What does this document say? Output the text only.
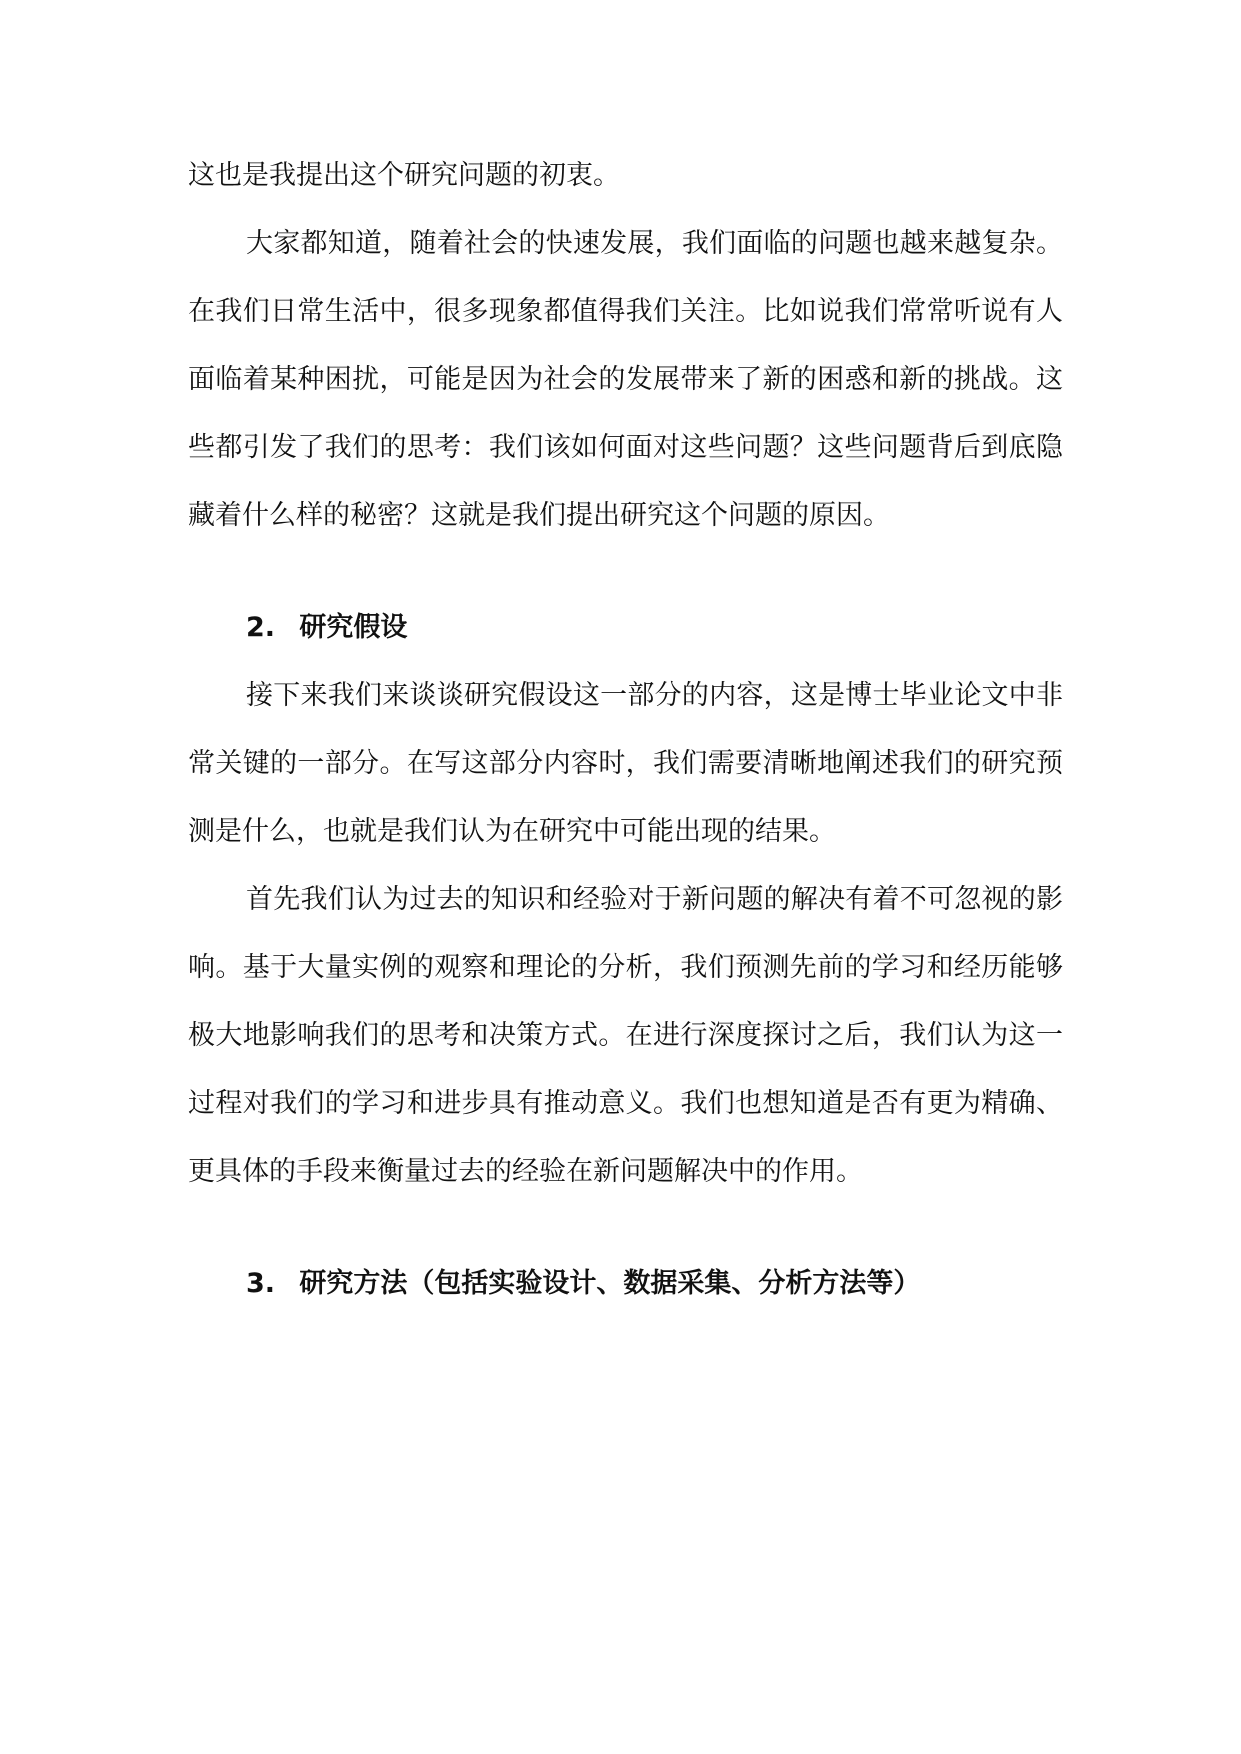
这也是我提出这个研究问题的初衷。

大家都知道，随着社会的快速发展，我们面临的问题也越来越复杂。在我们日常生活中，很多现象都值得我们关注。比如说我们常常听说有人面临着某种困扰，可能是因为社会的发展带来了新的困惑和新的挑战。这些都引发了我们的思考：我们该如何面对这些问题？这些问题背后到底隐藏着什么样的秘密？这就是我们提出研究这个问题的原因。

2. 研究假设

接下来我们来谈谈研究假设这一部分的内容，这是博士毕业论文中非常关键的一部分。在写这部分内容时，我们需要清晰地阐述我们的研究预测是什么，也就是我们认为在研究中可能出现的结果。

首先我们认为过去的知识和经验对于新问题的解决有着不可忽视的影响。基于大量实例的观察和理论的分析，我们预测先前的学习和经历能够极大地影响我们的思考和决策方式。在进行深度探讨之后，我们认为这一过程对我们的学习和进步具有推动意义。我们也想知道是否有更为精确、更具体的手段来衡量过去的经验在新问题解决中的作用。

3. 研究方法（包括实验设计、数据采集、分析方法等）
